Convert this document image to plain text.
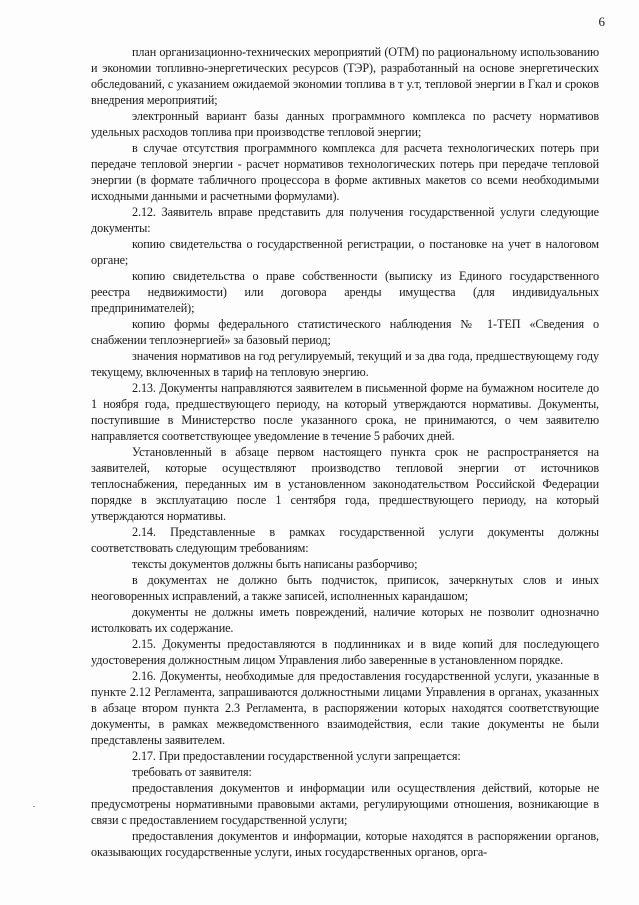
6

план организационно-технических мероприятий (ОТМ) по рациональному использованию и экономии топливно-энергетических ресурсов (ТЭР), разработанный на основе энергетических обследований, с указанием ожидаемой экономии топлива в т у.т, тепловой энергии в Гкал и сроков внедрения мероприятий;

электронный вариант базы данных программного комплекса по расчету нормативов удельных расходов топлива при производстве тепловой энергии;

в случае отсутствия программного комплекса для расчета технологических потерь при передаче тепловой энергии - расчет нормативов технологических потерь при передаче тепловой энергии (в формате табличного процессора в форме активных макетов со всеми необходимыми исходными данными и расчетными формулами).

2.12. Заявитель вправе представить для получения государственной услуги следующие документы:

копию свидетельства о государственной регистрации, о постановке на учет в налоговом органе;

копию свидетельства о праве собственности (выписку из Единого государственного реестра недвижимости) или договора аренды имущества (для индивидуальных предпринимателей);

копию формы федерального статистического наблюдения № 1-ТЕП «Сведения о снабжении теплоэнергией» за базовый период;

значения нормативов на год регулируемый, текущий и за два года, предшествующему году текущему, включенных в тариф на тепловую энергию.

2.13. Документы направляются заявителем в письменной форме на бумажном носителе до 1 ноября года, предшествующего периоду, на который утверждаются нормативы. Документы, поступившие в Министерство после указанного срока, не принимаются, о чем заявителю направляется соответствующее уведомление в течение 5 рабочих дней.

Установленный в абзаце первом настоящего пункта срок не распространяется на заявителей, которые осуществляют производство тепловой энергии от источников теплоснабжения, переданных им в установленном законодательством Российской Федерации порядке в эксплуатацию после 1 сентября года, предшествующего периоду, на который утверждаются нормативы.

2.14. Представленные в рамках государственной услуги документы должны соответствовать следующим требованиям:

тексты документов должны быть написаны разборчиво;

в документах не должно быть подчисток, приписок, зачеркнутых слов и иных неоговоренных исправлений, а также записей, исполненных карандашом;

документы не должны иметь повреждений, наличие которых не позволит однозначно истолковать их содержание.

2.15. Документы предоставляются в подлинниках и в виде копий для последующего удостоверения должностным лицом Управления либо заверенные в установленном порядке.

2.16. Документы, необходимые для предоставления государственной услуги, указанные в пункте 2.12 Регламента, запрашиваются должностными лицами Управления в органах, указанных в абзаце втором пункта 2.3 Регламента, в распоряжении которых находятся соответствующие документы, в рамках межведомственного взаимодействия, если такие документы не были представлены заявителем.

2.17. При предоставлении государственной услуги запрещается:

требовать от заявителя:

предоставления документов и информации или осуществления действий, которые не предусмотрены нормативными правовыми актами, регулирующими отношения, возникающие в связи с предоставлением государственной услуги;

предоставления документов и информации, которые находятся в распоряжении органов, оказывающих государственные услуги, иных государственных органов, орга-
